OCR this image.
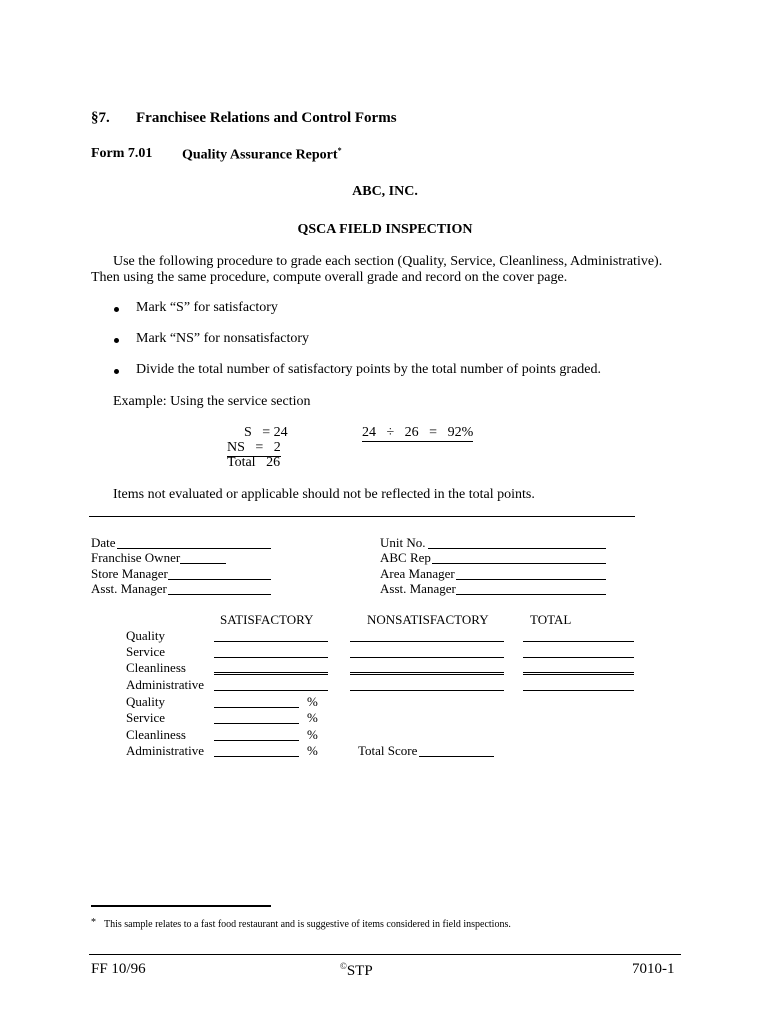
§7. Franchisee Relations and Control Forms
Form 7.01 Quality Assurance Report*
ABC, INC.
QSCA FIELD INSPECTION
Use the following procedure to grade each section (Quality, Service, Cleanliness, Administrative).
Then using the same procedure, compute overall grade and record on the cover page.
Mark “S” for satisfactory
Mark “NS” for nonsatisfactory
Divide the total number of satisfactory points by the total number of points graded.
Example: Using the service section
S   = 24
NS   =   2
Total   26
24   ÷   26   =   92%
Items not evaluated or applicable should not be reflected in the total points.
Date
Franchise Owner
Store Manager
Asst. Manager
Unit No.
ABC Rep
Area Manager
Asst. Manager
SATISFACTORY	NONSATISFACTORY	TOTAL
Quality
Service
Cleanliness
Administrative
Quality	%
Service	%
Cleanliness	%
Administrative	%	Total Score
* This sample relates to a fast food restaurant and is suggestive of items considered in field inspections.
FF 10/96	©STP	7010-1
